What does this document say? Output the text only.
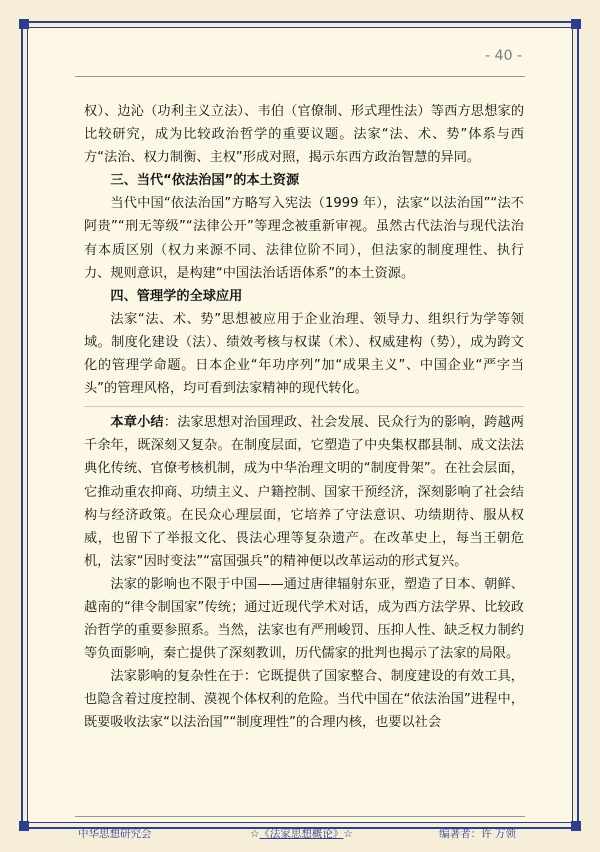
- 40 -

权）、边沁（功利主义立法）、韦伯（官僚制、形式理性法）等西方思想家的比较研究，成为比较政治哲学的重要议题。法家“法、术、势”体系与西方“法治、权力制衡、主权”形成对照，揭示东西方政治智慧的异同。

三、当代“依法治国”的本土资源

当代中国“依法治国”方略写入宪法（1999 年），法家“以法治国”“法不阿贵”“刑无等级”“法律公开”等理念被重新审视。虽然古代法治与现代法治有本质区别（权力来源不同、法律位阶不同），但法家的制度理性、执行力、规则意识，是构建“中国法治话语体系”的本土资源。

四、管理学的全球应用

法家“法、术、势”思想被应用于企业治理、领导力、组织行为学等领域。制度化建设（法）、绩效考核与权谋（术）、权威建构（势），成为跨文化的管理学命题。日本企业“年功序列”加“成果主义”、中国企业“严字当头”的管理风格，均可看到法家精神的现代转化。

本章小结：法家思想对治国理政、社会发展、民众行为的影响，跨越两千余年，既深刻又复杂。在制度层面，它塑造了中央集权郡县制、成文法法典化传统、官僚考核机制，成为中华治理文明的“制度骨架”。在社会层面，它推动重农抑商、功绩主义、户籍控制、国家干预经济，深刻影响了社会结构与经济政策。在民众心理层面，它培养了守法意识、功绩期待、服从权威，也留下了举报文化、畏法心理等复杂遗产。在改革史上，每当王朝危机，法家“因时变法”“富国强兵”的精神便以改革运动的形式复兴。

法家的影响也不限于中国——通过唐律辐射东亚，塑造了日本、朝鲜、越南的“律令制国家”传统；通过近现代学术对话，成为西方法学界、比较政治哲学的重要参照系。当然，法家也有严刑峻罚、压抑人性、缺乏权力制约等负面影响，秦亡提供了深刻教训，历代儒家的批判也揭示了法家的局限。

法家影响的复杂性在于：它既提供了国家整合、制度建设的有效工具，也隐含着过度控制、漠视个体权利的危险。当代中国在“依法治国”进程中，既要吸收法家“以法治国”“制度理性”的合理内核，也要以社会

中华思想研究会	☆《法家思想概论》☆	编著者：许 万领
